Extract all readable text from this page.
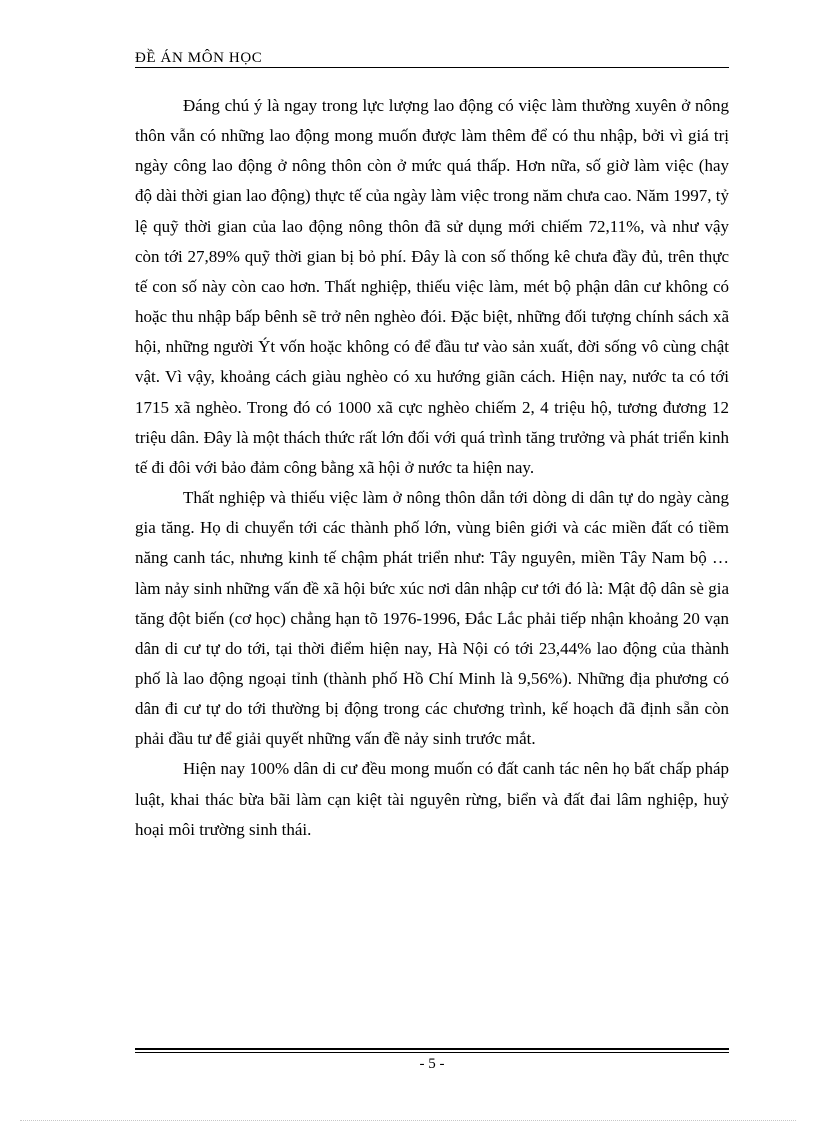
ĐỀ ÁN MÔN HỌC

Đáng chú ý là ngay trong lực lượng lao động có việc làm thường xuyên ở nông thôn vẫn có những lao động mong muốn được làm thêm để có thu nhập, bởi vì giá trị ngày công lao động ở nông thôn còn ở mức quá thấp. Hơn nữa, số giờ làm việc (hay độ dài thời gian lao động) thực tế của ngày làm việc trong năm chưa cao. Năm 1997, tỷ lệ quỹ thời gian của lao động nông thôn đã sử dụng mới chiếm 72,11%, và như vậy còn tới 27,89% quỹ thời gian bị bỏ phí. Đây là con số thống kê chưa đầy đủ, trên thực tế con số này còn cao hơn. Thất nghiệp, thiếu việc làm, mét bộ phận dân cư không có hoặc thu nhập bấp bênh sẽ trở nên nghèo đói. Đặc biệt, những đối tượng chính sách xã hội, những người Ýt vốn hoặc không có để đầu tư vào sản xuất, đời sống vô cùng chật vật. Vì vậy, khoảng cách giàu nghèo có xu hướng giãn cách. Hiện nay, nước ta có tới 1715 xã nghèo. Trong đó có 1000 xã cực nghèo chiếm 2, 4 triệu hộ, tương đương 12 triệu dân. Đây là một thách thức rất lớn đối với quá trình tăng trưởng và phát triển kinh tế đi đôi với bảo đảm công bằng xã hội ở nước ta hiện nay.

Thất nghiệp và thiếu việc làm ở nông thôn dẫn tới dòng di dân tự do ngày càng gia tăng. Họ di chuyển tới các thành phố lớn, vùng biên giới và các miền đất có tiềm năng canh tác, nhưng kinh tế chậm phát triển như: Tây nguyên, miền Tây Nam bộ …làm nảy sinh những vấn đề xã hội bức xúc nơi dân nhập cư tới đó là: Mật độ dân sè gia tăng đột biến (cơ học) chẳng hạn tõ 1976-1996, Đắc Lắc phải tiếp nhận khoảng 20 vạn dân di cư tự do tới, tại thời điểm hiện nay, Hà Nội có tới 23,44% lao động của thành phố là lao động ngoại tỉnh (thành phố Hồ Chí Minh là 9,56%). Những địa phương có dân đi cư tự do tới thường bị động trong các chương trình, kế hoạch đã định sẵn còn phải đầu tư để giải quyết những vấn đề nảy sinh trước mắt.

Hiện nay 100% dân di cư đều mong muốn có đất canh tác nên họ bất chấp pháp luật, khai thác bừa bãi làm cạn kiệt tài nguyên rừng, biển và đất đai lâm nghiệp, huỷ hoại môi trường sinh thái.

- 5 -
